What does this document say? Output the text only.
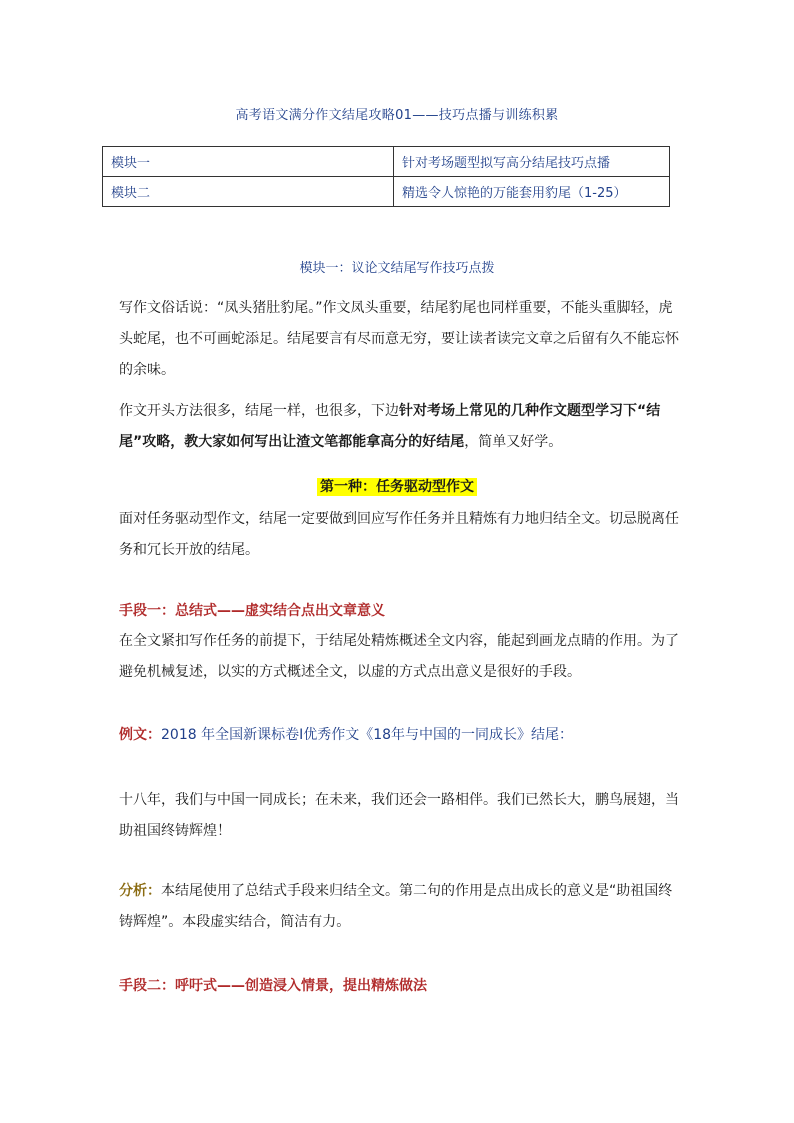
高考语文满分作文结尾攻略01——技巧点播与训练积累
模块一	针对考场题型拟写高分结尾技巧点播
模块二	精选令人惊艳的万能套用豹尾（1-25）
模块一：议论文结尾写作技巧点拨
写作文俗话说：“凤头猪肚豹尾。”作文凤头重要，结尾豹尾也同样重要，不能头重脚轻，虎头蛇尾，也不可画蛇添足。结尾要言有尽而意无穷，要让读者读完文章之后留有久不能忘怀的余味。
作文开头方法很多，结尾一样，也很多，下边针对考场上常见的几种作文题型学习下“结尾”攻略，教大家如何写出让渣文笔都能拿高分的好结尾，简单又好学。
第一种：任务驱动型作文
面对任务驱动型作文，结尾一定要做到回应写作任务并且精炼有力地归结全文。切忌脱离任务和冗长开放的结尾。
手段一：总结式——虚实结合点出文章意义
在全文紧扣写作任务的前提下，于结尾处精炼概述全文内容，能起到画龙点睛的作用。为了避免机械复述，以实的方式概述全文，以虚的方式点出意义是很好的手段。
例文：2018 年全国新课标卷Ⅰ优秀作文《18年与中国的一同成长》结尾：
十八年，我们与中国一同成长；在未来，我们还会一路相伴。我们已然长大，鹏鸟展翅，当助祖国终铸辉煌！
分析：本结尾使用了总结式手段来归结全文。第二句的作用是点出成长的意义是“助祖国终铸辉煌”。本段虚实结合，简洁有力。
手段二：呼吁式——创造浸入情景，提出精炼做法
